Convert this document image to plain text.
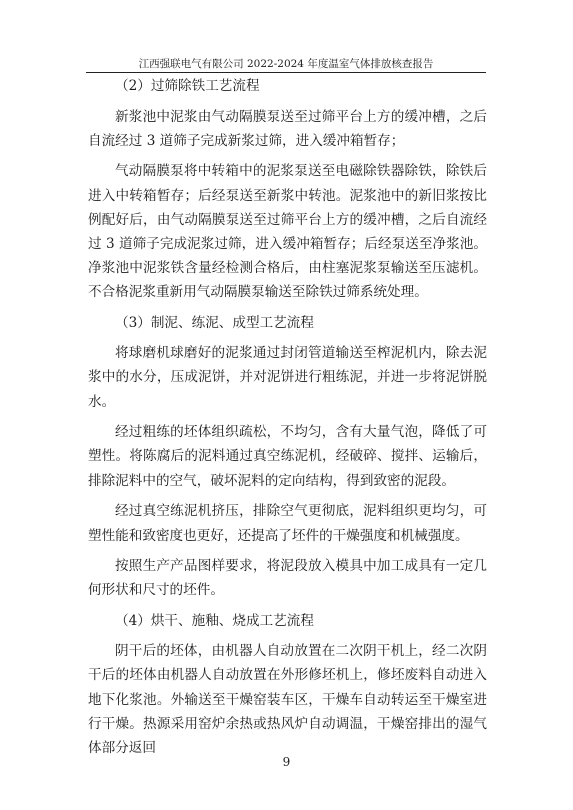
江西强联电气有限公司 2022-2024 年度温室气体排放核查报告

（2）过筛除铁工艺流程

新浆池中泥浆由气动隔膜泵送至过筛平台上方的缓冲槽，之后自流经过 3 道筛子完成新浆过筛，进入缓冲箱暂存；

气动隔膜泵将中转箱中的泥浆泵送至电磁除铁器除铁，除铁后进入中转箱暂存；后经泵送至新浆中转池。泥浆池中的新旧浆按比例配好后，由气动隔膜泵送至过筛平台上方的缓冲槽，之后自流经过 3 道筛子完成泥浆过筛，进入缓冲箱暂存；后经泵送至净浆池。净浆池中泥浆铁含量经检测合格后，由柱塞泥浆泵输送至压滤机。不合格泥浆重新用气动隔膜泵输送至除铁过筛系统处理。

（3）制泥、练泥、成型工艺流程

将球磨机球磨好的泥浆通过封闭管道输送至榨泥机内，除去泥浆中的水分，压成泥饼，并对泥饼进行粗练泥，并进一步将泥饼脱水。

经过粗练的坯体组织疏松，不均匀，含有大量气泡，降低了可塑性。将陈腐后的泥料通过真空练泥机，经破碎、搅拌、运输后，排除泥料中的空气，破坏泥料的定向结构，得到致密的泥段。

经过真空练泥机挤压，排除空气更彻底，泥料组织更均匀，可塑性能和致密度也更好，还提高了坯件的干燥强度和机械强度。

按照生产产品图样要求，将泥段放入模具中加工成具有一定几何形状和尺寸的坯件。

（4）烘干、施釉、烧成工艺流程

阴干后的坯体，由机器人自动放置在二次阴干机上，经二次阴干后的坯体由机器人自动放置在外形修坯机上，修坯废料自动进入地下化浆池。外输送至干燥窑装车区，干燥车自动转运至干燥室进行干燥。热源采用窑炉余热或热风炉自动调温，干燥窑排出的湿气体部分返回

9
